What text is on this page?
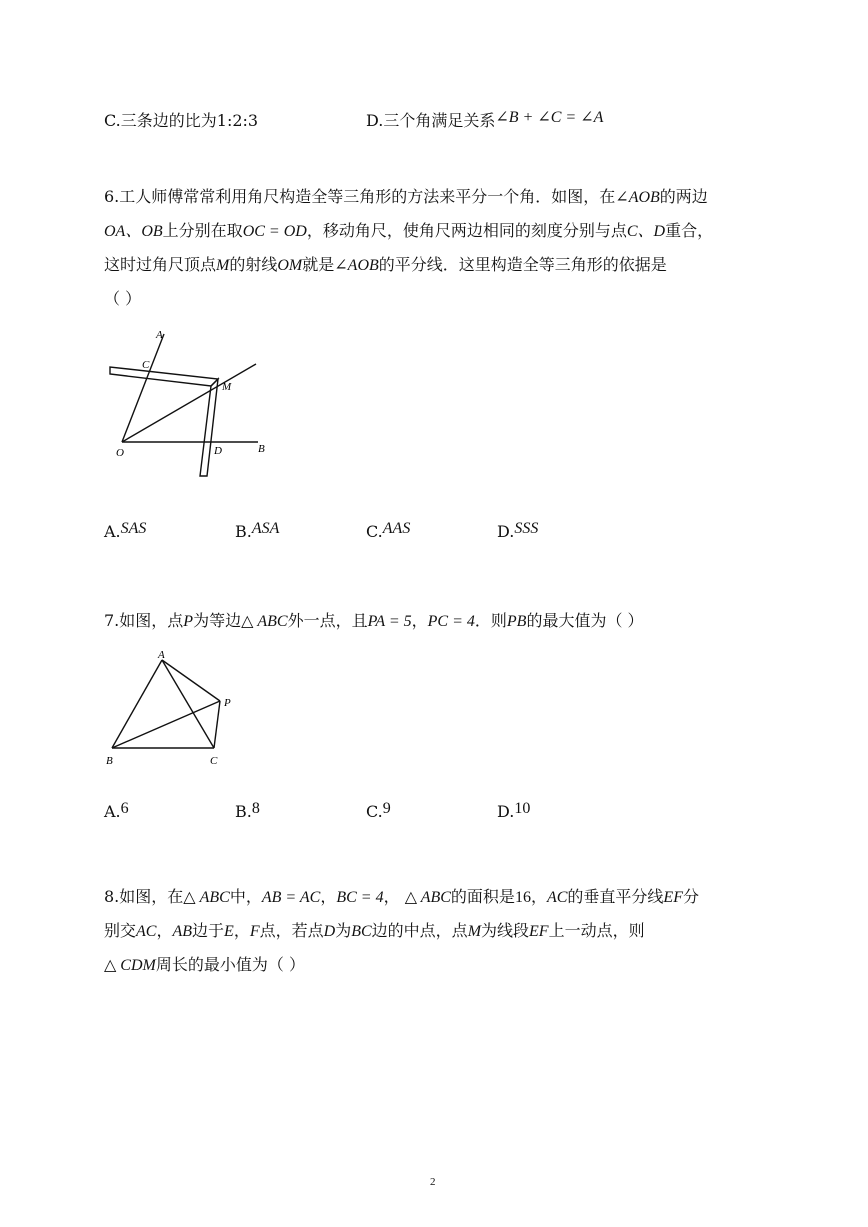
C.三条边的比为1:2:3	D.三个角满足关系∠B + ∠C = ∠A
6.工人师傅常常利用角尺构造全等三角形的方法来平分一个角．如图，在∠AOB的两边
OA、OB上分别在取OC = OD，移动角尺，使角尺两边相同的刻度分别与点C、D重合，
这时过角尺顶点M的射线OM就是∠AOB的平分线．这里构造全等三角形的依据是
（ ）
A
C
M
O	D	B
A.SAS	B.ASA	C.AAS	D.SSS
7.如图，点P为等边△ ABC外一点，且PA = 5，PC = 4．则PB的最大值为（ ）
A
P
B	C
A.6	B.8	C.9	D.10
8.如图，在△ ABC中，AB = AC，BC = 4， △ ABC的面积是16，AC的垂直平分线EF分
别交AC，AB边于E，F点，若点D为BC边的中点，点M为线段EF上一动点，则
△ CDM周长的最小值为（ ）
2
